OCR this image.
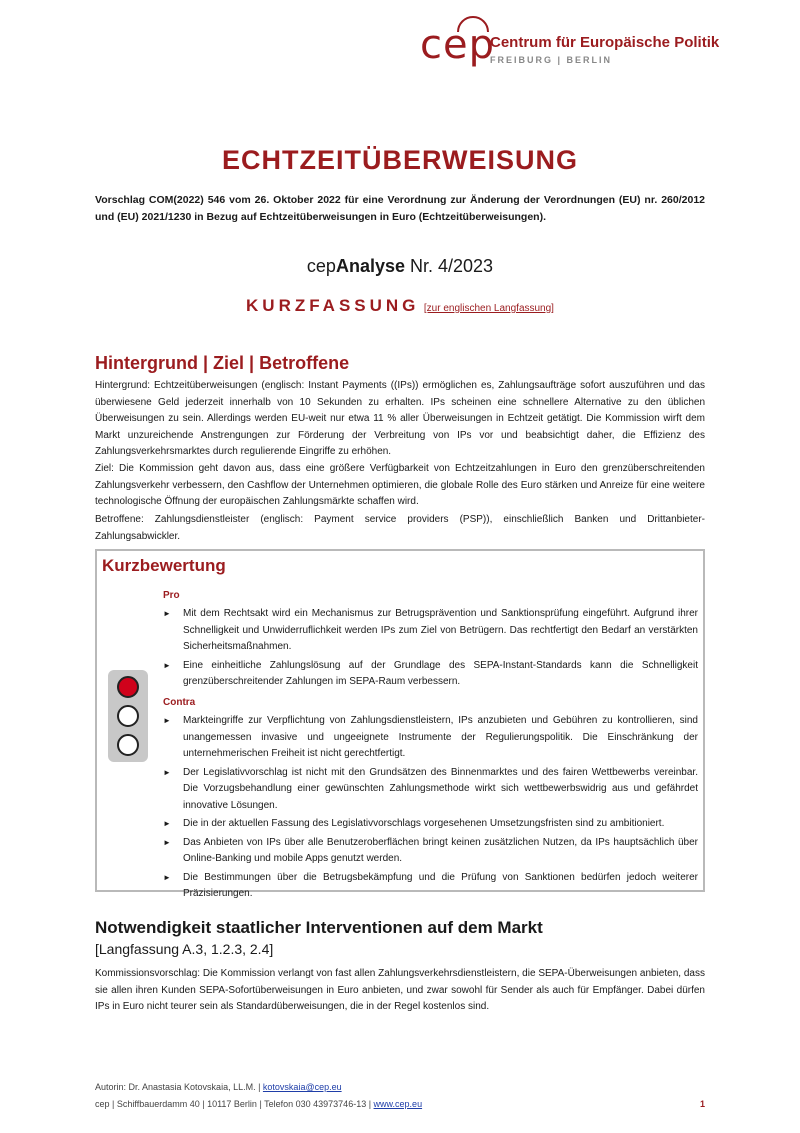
cep
Centrum für Europäische Politik
FREIBURG | BERLIN
ECHTZEITÜBERWEISUNG
Vorschlag COM(2022) 546 vom 26. Oktober 2022 für eine Verordnung zur Änderung der Verordnungen (EU) nr. 260/2012 und (EU) 2021/1230 in Bezug auf Echtzeitüberweisungen in Euro (Echtzeitüberweisungen).
cepAnalyse Nr. 4/2023
KURZFASSUNG [zur englischen Langfassung]
Hintergrund | Ziel | Betroffene
Hintergrund: Echtzeitüberweisungen (englisch: Instant Payments ((IPs)) ermöglichen es, Zahlungsaufträge sofort auszuführen und das überwiesene Geld jederzeit innerhalb von 10 Sekunden zu erhalten. IPs scheinen eine schnellere Alternative zu den üblichen Überweisungen zu sein. Allerdings werden EU-weit nur etwa 11 % aller Überweisungen in Echtzeit getätigt. Die Kommission wirft dem Markt unzureichende Anstrengungen zur Förderung der Verbreitung von IPs vor und beabsichtigt daher, die Effizienz des Zahlungsverkehrsmarktes durch regulierende Eingriffe zu erhöhen.
Ziel: Die Kommission geht davon aus, dass eine größere Verfügbarkeit von Echtzeitzahlungen in Euro den grenzüberschreitenden Zahlungsverkehr verbessern, den Cashflow der Unternehmen optimieren, die globale Rolle des Euro stärken und Anreize für eine weitere technologische Öffnung der europäischen Zahlungsmärkte schaffen wird.
Betroffene: Zahlungsdienstleister (englisch: Payment service providers (PSP)), einschließlich Banken und Drittanbieter-Zahlungsabwickler.
Kurzbewertung
Pro
► Mit dem Rechtsakt wird ein Mechanismus zur Betrugsprävention und Sanktionsprüfung eingeführt. Aufgrund ihrer Schnelligkeit und Unwiderruflichkeit werden IPs zum Ziel von Betrügern. Das rechtfertigt den Bedarf an verstärkten Sicherheitsmaßnahmen.
► Eine einheitliche Zahlungslösung auf der Grundlage des SEPA-Instant-Standards kann die Schnelligkeit grenzüberschreitender Zahlungen im SEPA-Raum verbessern.
Contra
► Markteingriffe zur Verpflichtung von Zahlungsdienstleistern, IPs anzubieten und Gebühren zu kontrollieren, sind unangemessen invasive und ungeeignete Instrumente der Regulierungspolitik. Die Einschränkung der unternehmerischen Freiheit ist nicht gerechtfertigt.
► Der Legislativvorschlag ist nicht mit den Grundsätzen des Binnenmarktes und des fairen Wettbewerbs vereinbar. Die Vorzugsbehandlung einer gewünschten Zahlungsmethode wirkt sich wettbewerbswidrig aus und gefährdet innovative Lösungen.
► Die in der aktuellen Fassung des Legislativvorschlags vorgesehenen Umsetzungsfristen sind zu ambitioniert.
► Das Anbieten von IPs über alle Benutzeroberflächen bringt keinen zusätzlichen Nutzen, da IPs hauptsächlich über Online-Banking und mobile Apps genutzt werden.
► Die Bestimmungen über die Betrugsbekämpfung und die Prüfung von Sanktionen bedürfen jedoch weiterer Präzisierungen.
Notwendigkeit staatlicher Interventionen auf dem Markt
[Langfassung A.3, 1.2.3, 2.4]
Kommissionsvorschlag: Die Kommission verlangt von fast allen Zahlungsverkehrsdienstleistern, die SEPA-Überweisungen anbieten, dass sie allen ihren Kunden SEPA-Sofortüberweisungen in Euro anbieten, und zwar sowohl für Sender als auch für Empfänger. Dabei dürfen IPs in Euro nicht teurer sein als Standardüberweisungen, die in der Regel kostenlos sind.
Autorin: Dr. Anastasia Kotovskaia, LL.M. | kotovskaia@cep.eu
cep | Schiffbauerdamm 40 | 10117 Berlin | Telefon 030 43973746-13 | www.cep.eu	1
